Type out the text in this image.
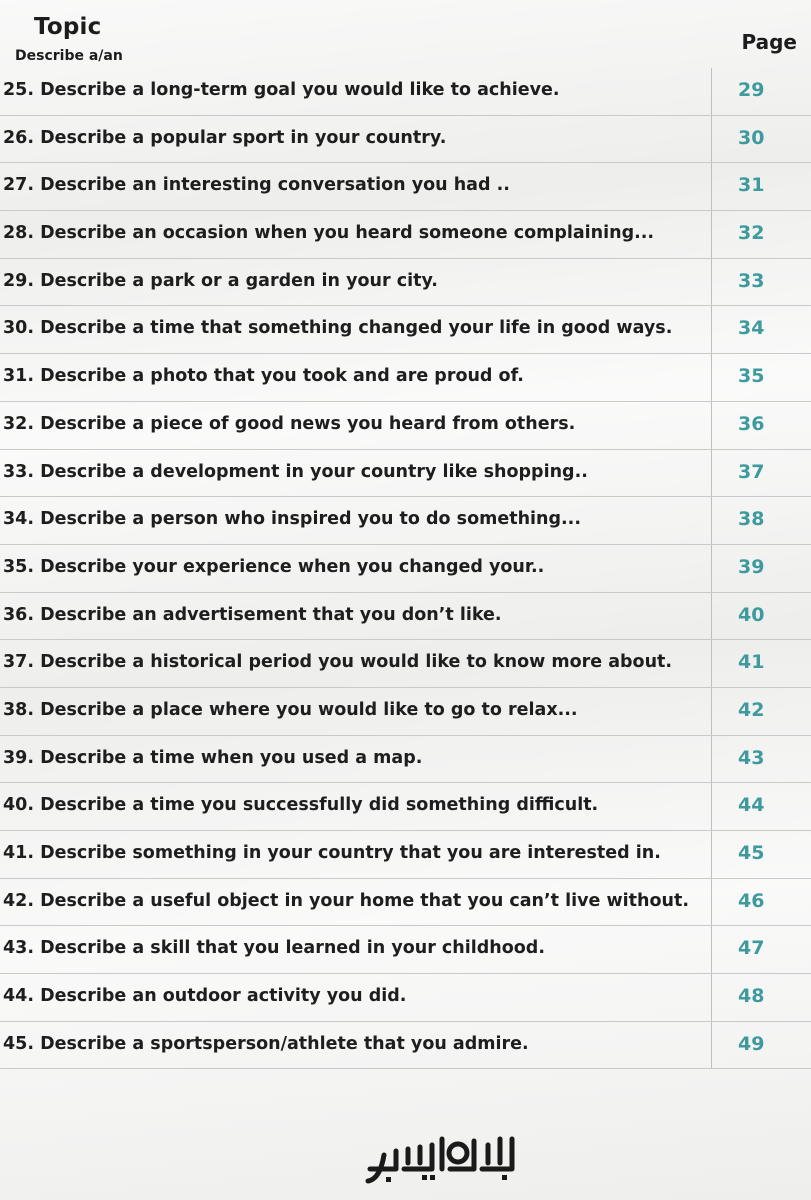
Topic
Describe a/an
Page
25. Describe a long-term goal you would like to achieve.	29
26. Describe a popular sport in your country.	30
27. Describe an interesting conversation you had ..	31
28. Describe an occasion when you heard someone complaining...	32
29. Describe a park or a garden in your city.	33
30. Describe a time that something changed your life in good ways.	34
31. Describe a photo that you took and are proud of.	35
32. Describe a piece of good news you heard from others.	36
33. Describe a development in your country like shopping..	37
34. Describe a person who inspired you to do something...	38
35. Describe your experience when you changed your..	39
36. Describe an advertisement that you don’t like.	40
37. Describe a historical period you would like to know more about.	41
38. Describe a place where you would like to go to relax...	42
39. Describe a time when you used a map.	43
40. Describe a time you successfully did something difficult.	44
41. Describe something in your country that you are interested in.	45
42. Describe a useful object in your home that you can’t live without.	46
43. Describe a skill that you learned in your childhood.	47
44. Describe an outdoor activity you did.	48
45. Describe a sportsperson/athlete that you admire.	49
